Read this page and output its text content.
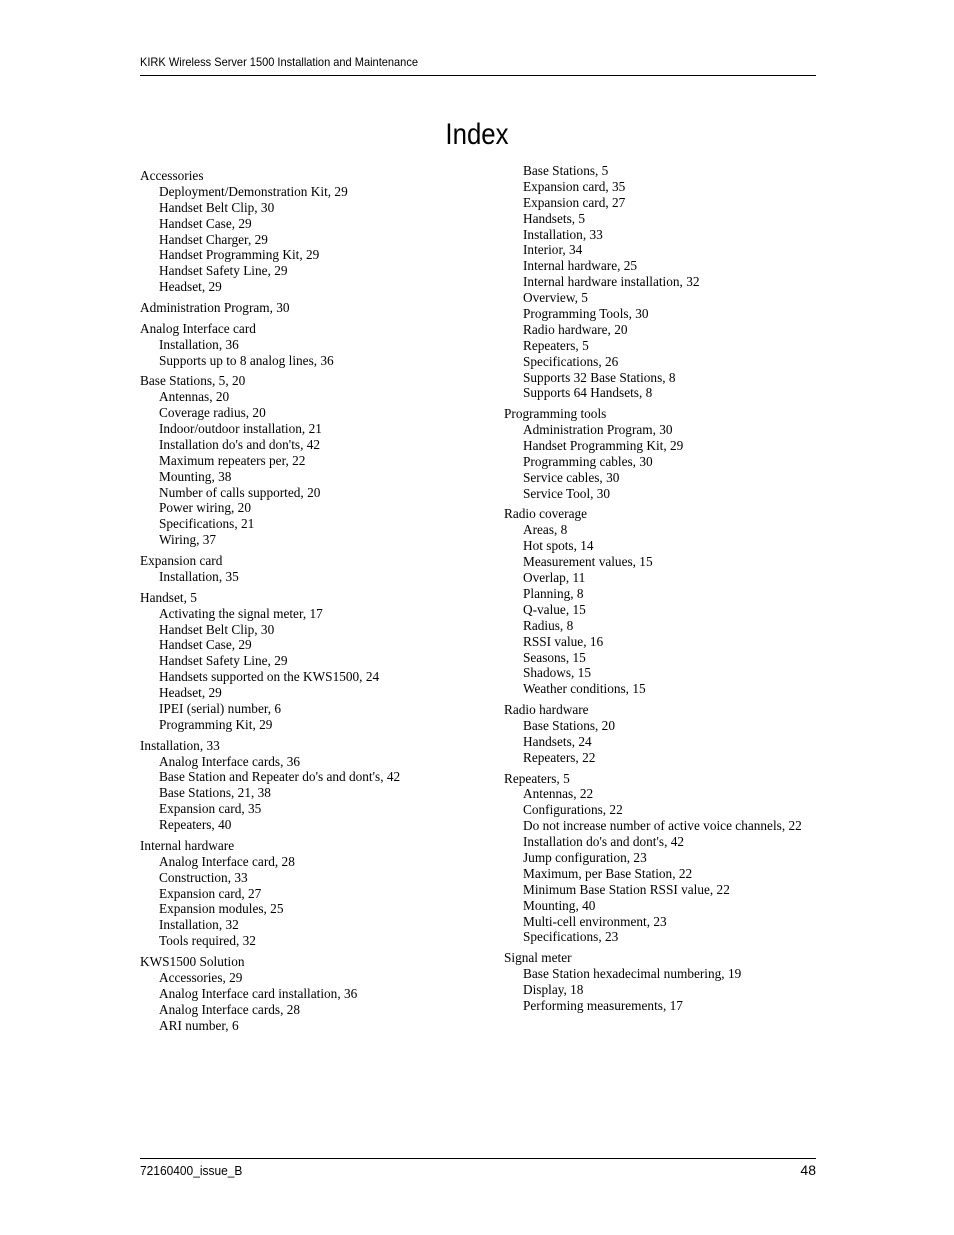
KIRK Wireless Server 1500 Installation and Maintenance
Index
Accessories
Deployment/Demonstration Kit, 29
Handset Belt Clip, 30
Handset Case, 29
Handset Charger, 29
Handset Programming Kit, 29
Handset Safety Line, 29
Headset, 29
Administration Program, 30
Analog Interface card
Installation, 36
Supports up to 8 analog lines, 36
Base Stations, 5, 20
Antennas, 20
Coverage radius, 20
Indoor/outdoor installation, 21
Installation do's and don'ts, 42
Maximum repeaters per, 22
Mounting, 38
Number of calls supported, 20
Power wiring, 20
Specifications, 21
Wiring, 37
Expansion card
Installation, 35
Handset, 5
Activating the signal meter, 17
Handset Belt Clip, 30
Handset Case, 29
Handset Safety Line, 29
Handsets supported on the KWS1500, 24
Headset, 29
IPEI (serial) number, 6
Programming Kit, 29
Installation, 33
Analog Interface cards, 36
Base Station and Repeater do's and dont's, 42
Base Stations, 21, 38
Expansion card, 35
Repeaters, 40
Internal hardware
Analog Interface card, 28
Construction, 33
Expansion card, 27
Expansion modules, 25
Installation, 32
Tools required, 32
KWS1500 Solution
Accessories, 29
Analog Interface card installation, 36
Analog Interface cards, 28
ARI number, 6
Base Stations, 5
Expansion card, 35
Expansion card, 27
Handsets, 5
Installation, 33
Interior, 34
Internal hardware, 25
Internal hardware installation, 32
Overview, 5
Programming Tools, 30
Radio hardware, 20
Repeaters, 5
Specifications, 26
Supports 32 Base Stations, 8
Supports 64 Handsets, 8
Programming tools
Administration Program, 30
Handset Programming Kit, 29
Programming cables, 30
Service cables, 30
Service Tool, 30
Radio coverage
Areas, 8
Hot spots, 14
Measurement values, 15
Overlap, 11
Planning, 8
Q-value, 15
Radius, 8
RSSI value, 16
Seasons, 15
Shadows, 15
Weather conditions, 15
Radio hardware
Base Stations, 20
Handsets, 24
Repeaters, 22
Repeaters, 5
Antennas, 22
Configurations, 22
Do not increase number of active voice channels, 22
Installation do's and dont's, 42
Jump configuration, 23
Maximum, per Base Station, 22
Minimum Base Station RSSI value, 22
Mounting, 40
Multi-cell environment, 23
Specifications, 23
Signal meter
Base Station hexadecimal numbering, 19
Display, 18
Performing measurements, 17
72160400_issue_B	48
